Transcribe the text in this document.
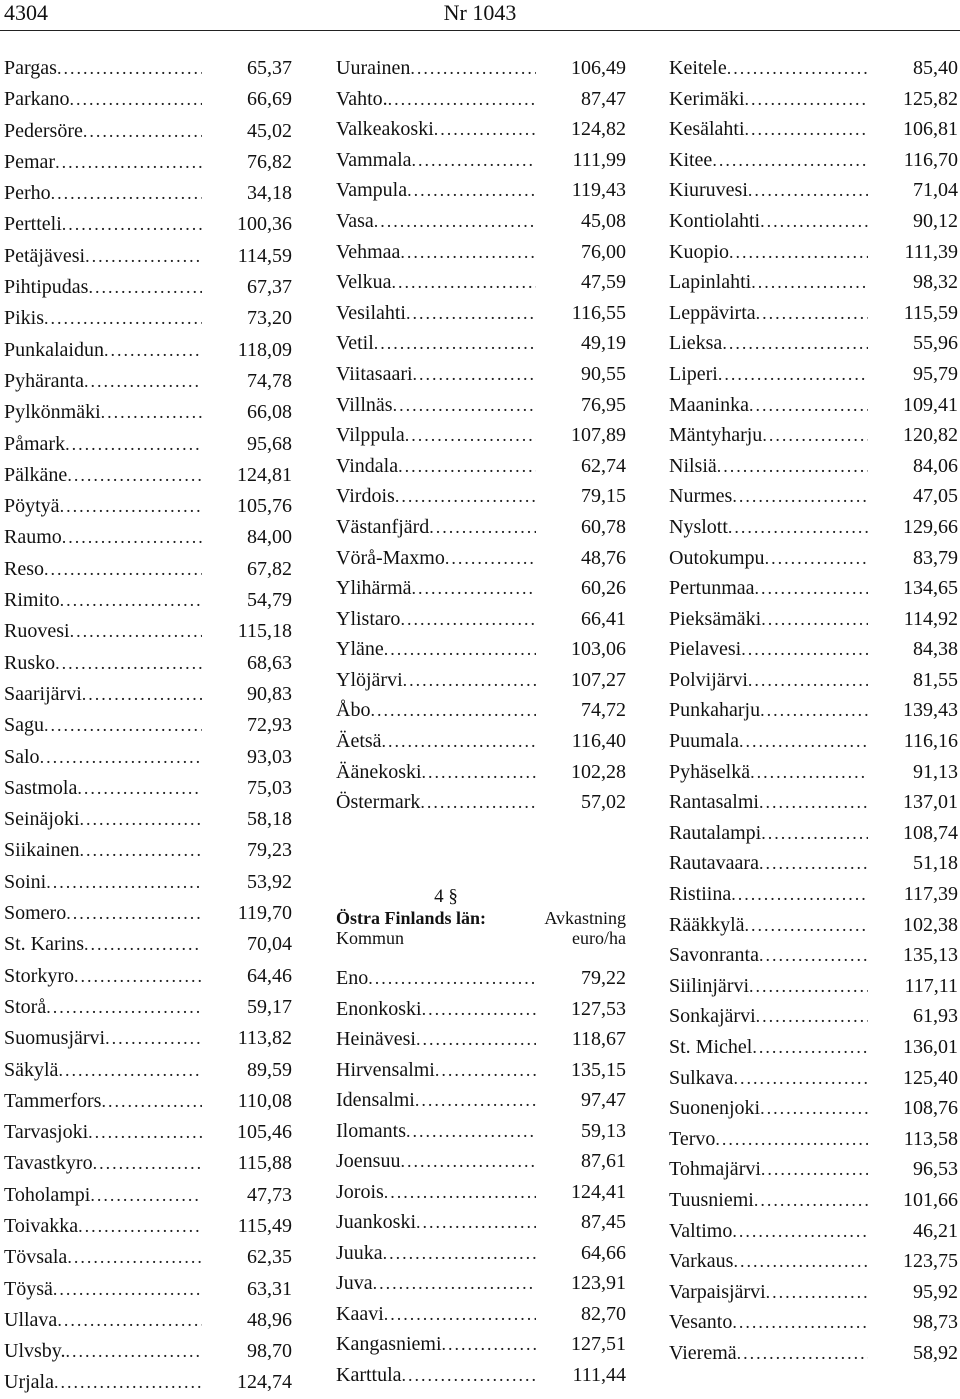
Nr 1043
4304
Pargas .....	65,37
Parkano .....	66,69
Pedersöre .....	45,02
Pemar .....	76,82
Perho .....	34,18
Pertteli .....	100,36
Petäjävesi .....	114,59
Pihtipudas .....	67,37
Pikis .....	73,20
Punkalaidun .....	118,09
Pyhäranta .....	74,78
Pylkönmäki .....	66,08
Påmark .....	95,68
Pälkäne .....	124,81
Pöytyä .....	105,76
Raumo .....	84,00
Reso .....	67,82
Rimito .....	54,79
Ruovesi .....	115,18
Rusko .....	68,63
Saarijärvi .....	90,83
Sagu .....	72,93
Salo .....	93,03
Sastmola .....	75,03
Seinäjoki .....	58,18
Siikainen .....	79,23
Soini .....	53,92
Somero .....	119,70
St. Karins .....	70,04
Storkyro .....	64,46
Storå .....	59,17
Suomusjärvi .....	113,82
Säkylä .....	89,59
Tammerfors .....	110,08
Tarvasjoki .....	105,46
Tavastkyro .....	115,88
Toholampi .....	47,73
Toivakka .....	115,49
Tövsala .....	62,35
Töysä .....	63,31
Ullava .....	48,96
Ulvsby. .....	98,70
Urjala .....	124,74
Uurainen .....	106,49
Vahto. .....	87,47
Valkeakoski .....	124,82
Vammala .....	111,99
Vampula .....	119,43
Vasa .....	45,08
Vehmaa .....	76,00
Velkua .....	47,59
Vesilahti .....	116,55
Vetil .....	49,19
Viitasaari .....	90,55
Villnäs .....	76,95
Vilppula .....	107,89
Vindala .....	62,74
Virdois .....	79,15
Västanfjärd .....	60,78
Vörå-Maxmo .....	48,76
Ylihärmä .....	60,26
Ylistaro .....	66,41
Yläne .....	103,06
Ylöjärvi .....	107,27
Åbo .....	74,72
Äetsä .....	116,40
Äänekoski .....	102,28
Östermark .....	57,02
4 §
Östra Finlands län:	Avkastning
Kommun	euro/ha
Eno .....	79,22
Enonkoski .....	127,53
Heinävesi .....	118,67
Hirvensalmi .....	135,15
Idensalmi .....	97,47
Ilomants .....	59,13
Joensuu .....	87,61
Jorois .....	124,41
Juankoski .....	87,45
Juuka .....	64,66
Juva .....	123,91
Kaavi .....	82,70
Kangasniemi .....	127,51
Karttula .....	111,44
Keitele .....	85,40
Kerimäki .....	125,82
Kesälahti .....	106,81
Kitee .....	116,70
Kiuruvesi .....	71,04
Kontiolahti .....	90,12
Kuopio .....	111,39
Lapinlahti .....	98,32
Leppävirta .....	115,59
Lieksa .....	55,96
Liperi .....	95,79
Maaninka .....	109,41
Mäntyharju .....	120,82
Nilsiä .....	84,06
Nurmes .....	47,05
Nyslott .....	129,66
Outokumpu .....	83,79
Pertunmaa .....	134,65
Pieksämäki .....	114,92
Pielavesi .....	84,38
Polvijärvi .....	81,55
Punkaharju .....	139,43
Puumala .....	116,16
Pyhäselkä .....	91,13
Rantasalmi .....	137,01
Rautalampi .....	108,74
Rautavaara .....	51,18
Ristiina .....	117,39
Rääkkylä .....	102,38
Savonranta .....	135,13
Siilinjärvi .....	117,11
Sonkajärvi .....	61,93
St. Michel .....	136,01
Sulkava .....	125,40
Suonenjoki .....	108,76
Tervo .....	113,58
Tohmajärvi .....	96,53
Tuusniemi .....	101,66
Valtimo .....	46,21
Varkaus .....	123,75
Varpaisjärvi .....	95,92
Vesanto .....	98,73
Vieremä .....	58,92
